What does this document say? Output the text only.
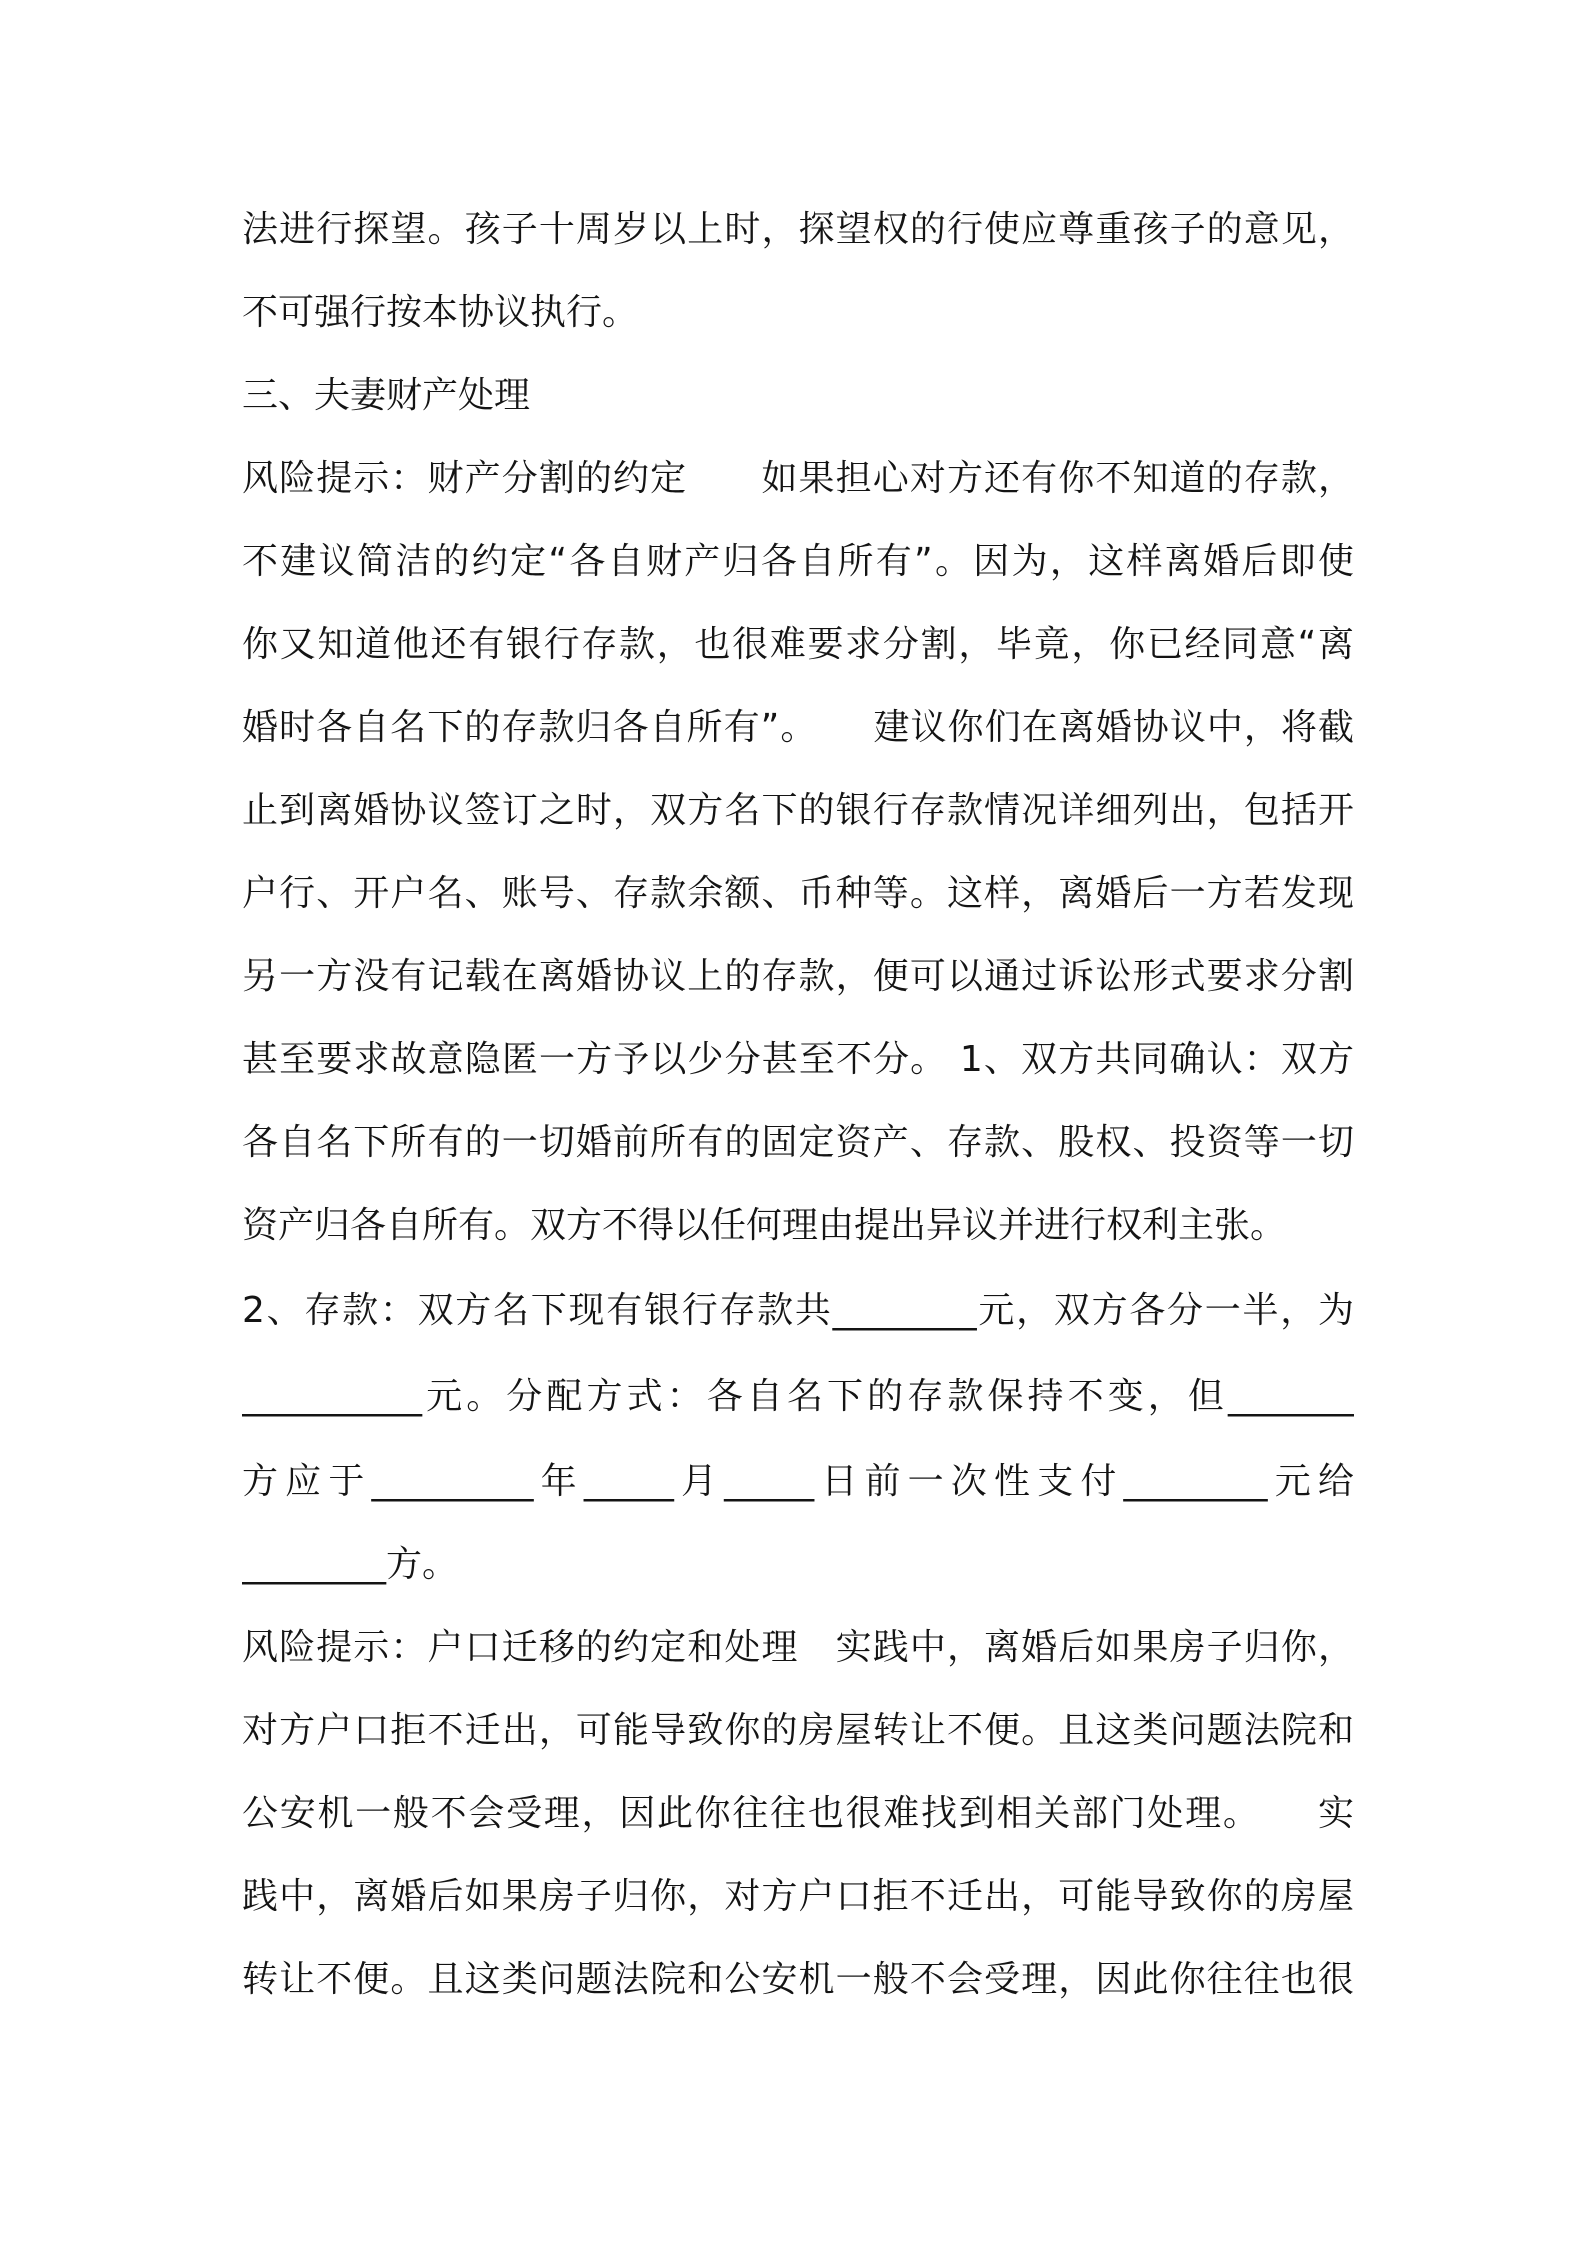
法进行探望。孩子十周岁以上时，探望权的行使应尊重孩子的意见，
不可强行按本协议执行。
三、夫妻财产处理
风险提示：财产分割的约定　　如果担心对方还有你不知道的存款，
不建议简洁的约定“各自财产归各自所有”。因为，这样离婚后即使
你又知道他还有银行存款，也很难要求分割，毕竟，你已经同意“离
婚时各自名下的存款归各自所有”。　　建议你们在离婚协议中，将截
止到离婚协议签订之时，双方名下的银行存款情况详细列出，包括开
户行、开户名、账号、存款余额、币种等。这样，离婚后一方若发现
另一方没有记载在离婚协议上的存款，便可以通过诉讼形式要求分割
甚至要求故意隐匿一方予以少分甚至不分。 1、双方共同确认：双方
各自名下所有的一切婚前所有的固定资产、存款、股权、投资等一切
资产归各自所有。双方不得以任何理由提出异议并进行权利主张。
2、存款：双方名下现有银行存款共________元，双方各分一半，为
__________元。分配方式：各自名下的存款保持不变，但_______
方 应 于 _________ 年 _____ 月 _____ 日 前 一 次 性 支 付 ________ 元 给
________方。
风险提示：户口迁移的约定和处理　实践中，离婚后如果房子归你，
对方户口拒不迁出，可能导致你的房屋转让不便。且这类问题法院和
公安机一般不会受理，因此你往往也很难找到相关部门处理。　　实
践中，离婚后如果房子归你，对方户口拒不迁出，可能导致你的房屋
转让不便。且这类问题法院和公安机一般不会受理，因此你往往也很
